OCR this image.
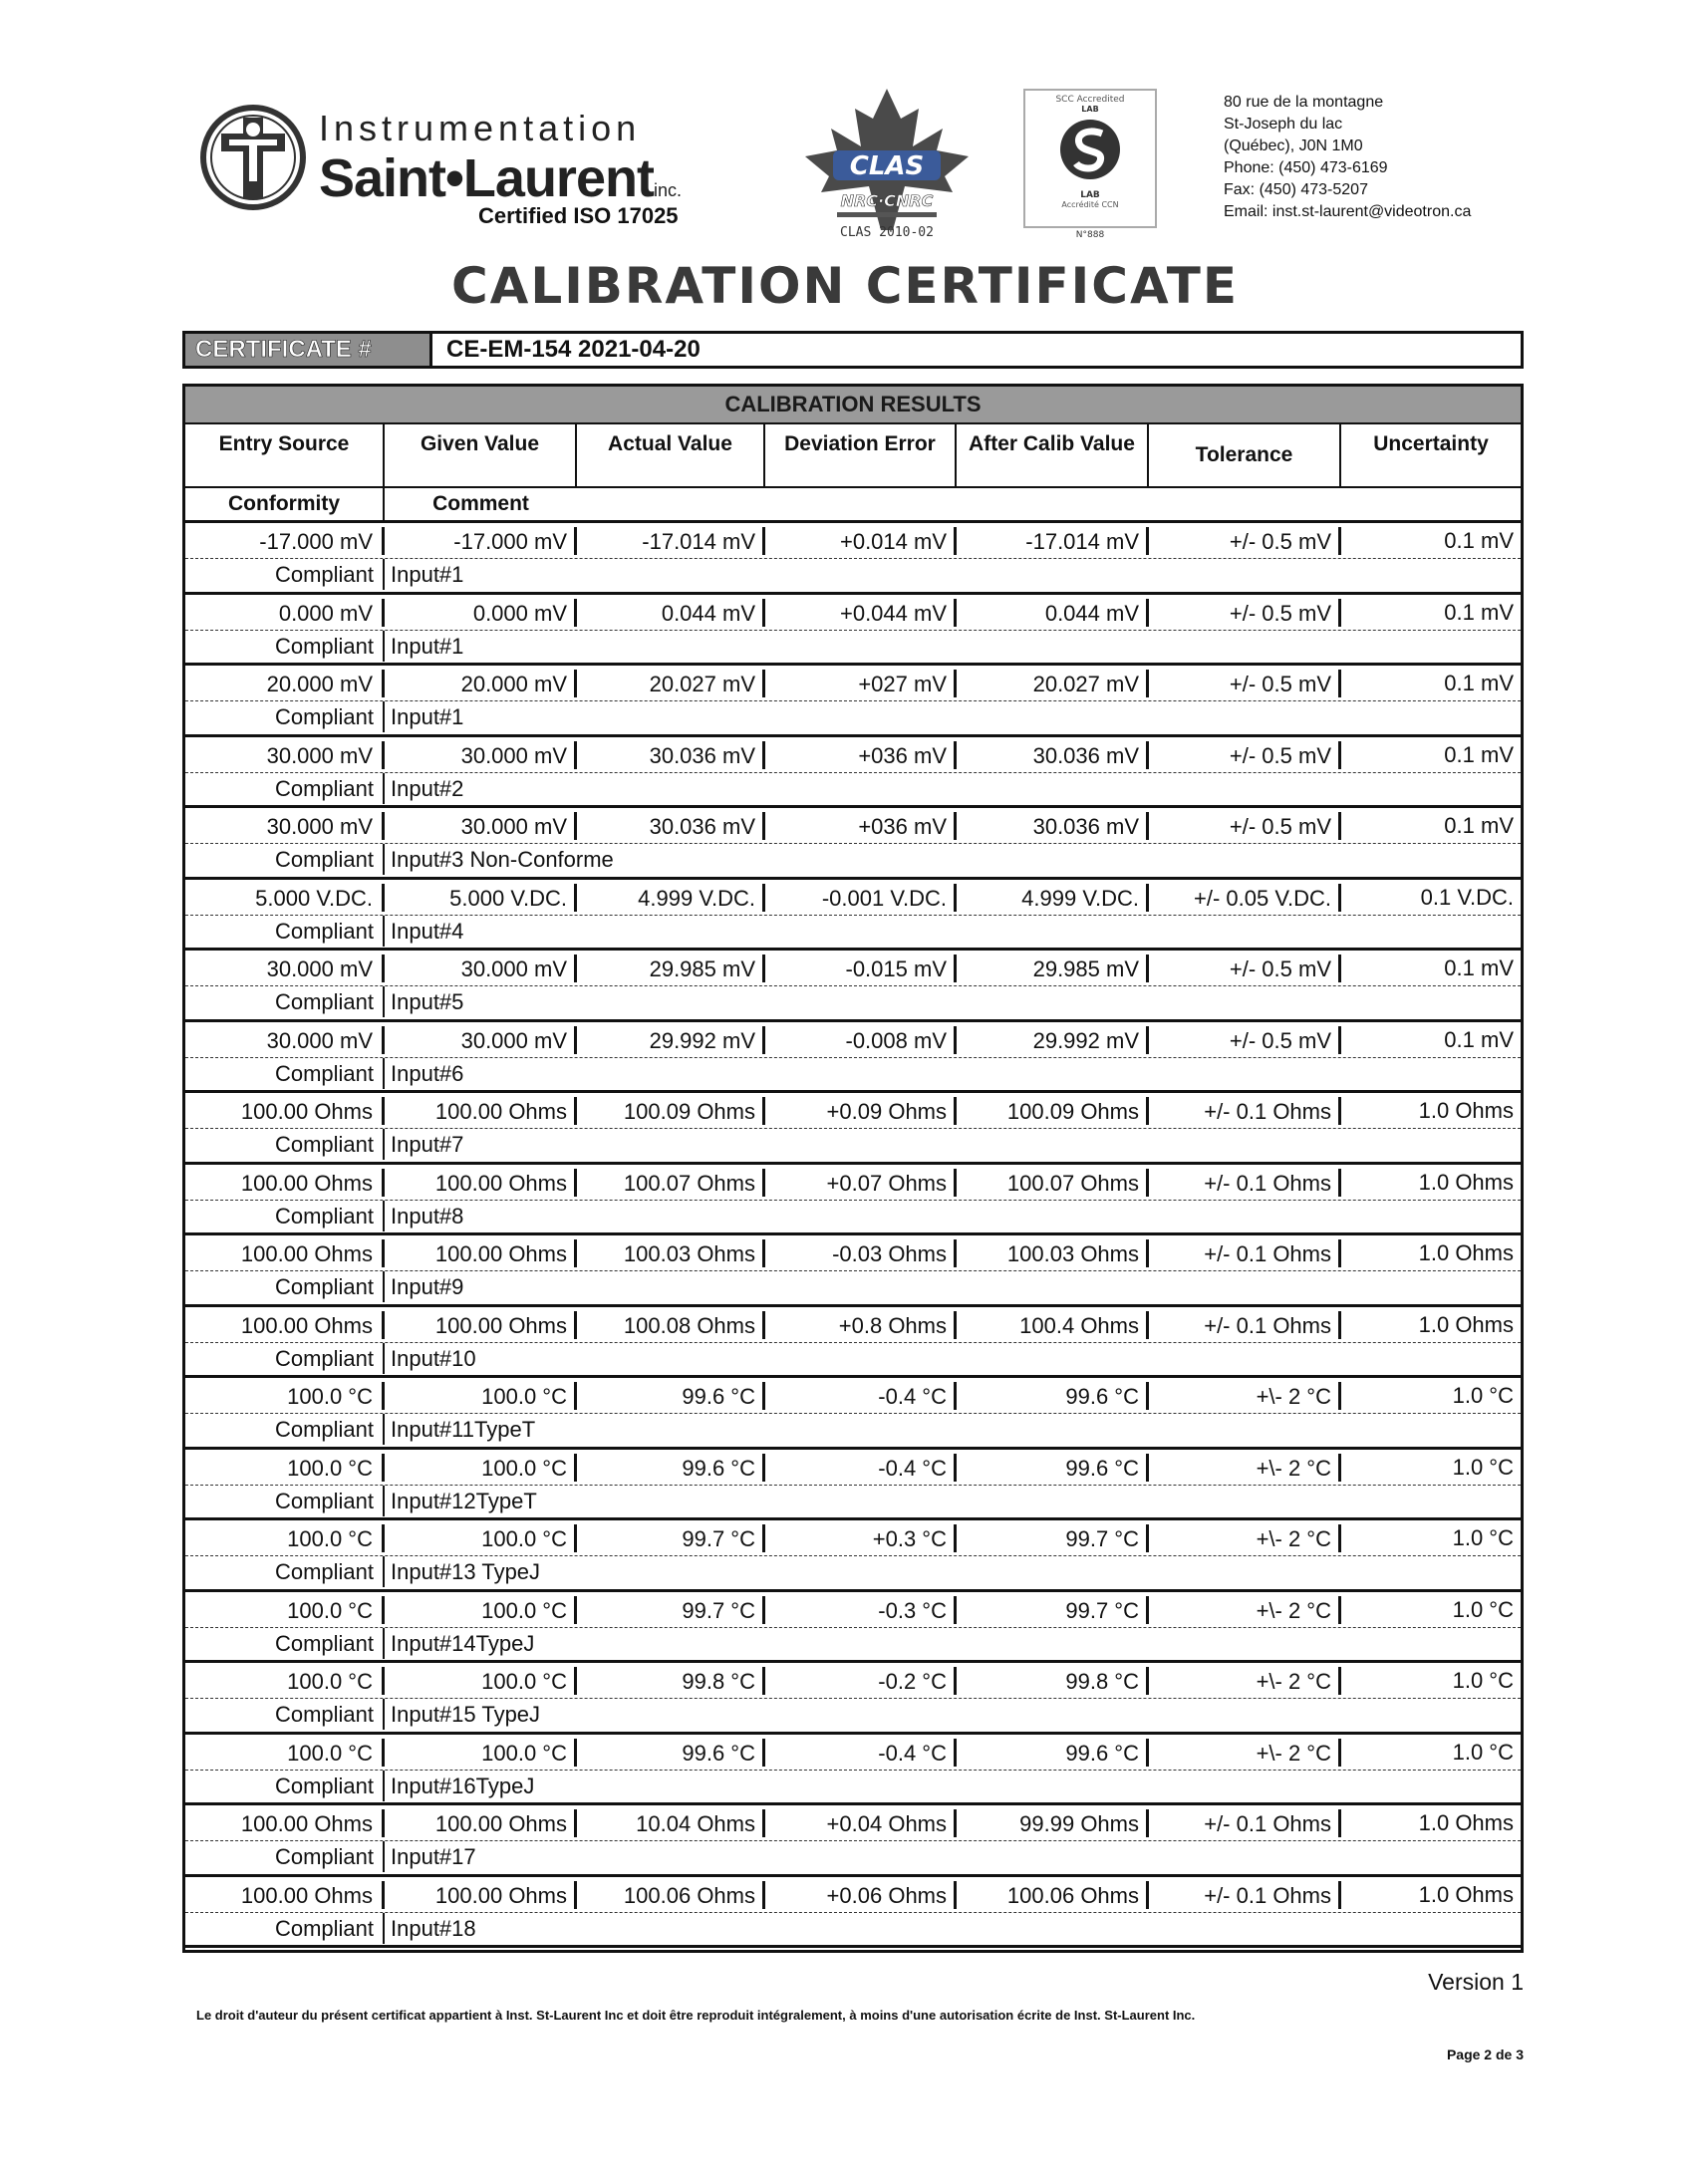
Instrumentation
Saint•Laurentinc.
Certified ISO 17025
CLAS
NRC·CNRC
CLAS 2010-02
SCC Accredited
LAB
LAB
Accrédité CCN
N°888
80 rue de la montagne
St-Joseph du lac
(Québec), J0N 1M0
Phone: (450) 473-6169
Fax: (450) 473-5207
Email: inst.st-laurent@videotron.ca
CALIBRATION CERTIFICATE
CERTIFICATE #	CE-EM-154 2021-04-20
CALIBRATION RESULTS
Entry Source	Given Value	Actual Value	Deviation Error	After Calib Value	Tolerance	Uncertainty
Conformity	Comment
-17.000 mV	-17.000 mV	-17.014 mV	+0.014 mV	-17.014 mV	+/- 0.5 mV	0.1 mV
Compliant Input#1
0.000 mV	0.000 mV	0.044 mV	+0.044 mV	0.044 mV	+/- 0.5 mV	0.1 mV
Compliant Input#1
20.000 mV	20.000 mV	20.027 mV	+027 mV	20.027 mV	+/- 0.5 mV	0.1 mV
Compliant Input#1
30.000 mV	30.000 mV	30.036 mV	+036 mV	30.036 mV	+/- 0.5 mV	0.1 mV
Compliant Input#2
30.000 mV	30.000 mV	30.036 mV	+036 mV	30.036 mV	+/- 0.5 mV	0.1 mV
Compliant Input#3 Non-Conforme
5.000 V.DC.	5.000 V.DC.	4.999 V.DC.	-0.001 V.DC.	4.999 V.DC.	+/- 0.05 V.DC.	0.1 V.DC.
Compliant Input#4
30.000 mV	30.000 mV	29.985 mV	-0.015 mV	29.985 mV	+/- 0.5 mV	0.1 mV
Compliant Input#5
30.000 mV	30.000 mV	29.992 mV	-0.008 mV	29.992 mV	+/- 0.5 mV	0.1 mV
Compliant Input#6
100.00 Ohms	100.00 Ohms	100.09 Ohms	+0.09 Ohms	100.09 Ohms	+/- 0.1 Ohms	1.0 Ohms
Compliant Input#7
100.00 Ohms	100.00 Ohms	100.07 Ohms	+0.07 Ohms	100.07 Ohms	+/- 0.1 Ohms	1.0 Ohms
Compliant Input#8
100.00 Ohms	100.00 Ohms	100.03 Ohms	-0.03 Ohms	100.03 Ohms	+/- 0.1 Ohms	1.0 Ohms
Compliant Input#9
100.00 Ohms	100.00 Ohms	100.08 Ohms	+0.8 Ohms	100.4 Ohms	+/- 0.1 Ohms	1.0 Ohms
Compliant Input#10
100.0 °C	100.0 °C	99.6 °C	-0.4 °C	99.6 °C	+\- 2 °C	1.0 °C
Compliant Input#11TypeT
100.0 °C	100.0 °C	99.6 °C	-0.4 °C	99.6 °C	+\- 2 °C	1.0 °C
Compliant Input#12TypeT
100.0 °C	100.0 °C	99.7 °C	+0.3 °C	99.7 °C	+\- 2 °C	1.0 °C
Compliant Input#13 TypeJ
100.0 °C	100.0 °C	99.7 °C	-0.3 °C	99.7 °C	+\- 2 °C	1.0 °C
Compliant Input#14TypeJ
100.0 °C	100.0 °C	99.8 °C	-0.2 °C	99.8 °C	+\- 2 °C	1.0 °C
Compliant Input#15 TypeJ
100.0 °C	100.0 °C	99.6 °C	-0.4 °C	99.6 °C	+\- 2 °C	1.0 °C
Compliant Input#16TypeJ
100.00 Ohms	100.00 Ohms	10.04 Ohms	+0.04 Ohms	99.99 Ohms	+/- 0.1 Ohms	1.0 Ohms
Compliant Input#17
100.00 Ohms	100.00 Ohms	100.06 Ohms	+0.06 Ohms	100.06 Ohms	+/- 0.1 Ohms	1.0 Ohms
Compliant Input#18
Version 1
Le droit d'auteur du présent certificat appartient à Inst. St-Laurent Inc et doit être reproduit intégralement, à moins d'une autorisation écrite de Inst. St-Laurent Inc.
Page 2 de 3
